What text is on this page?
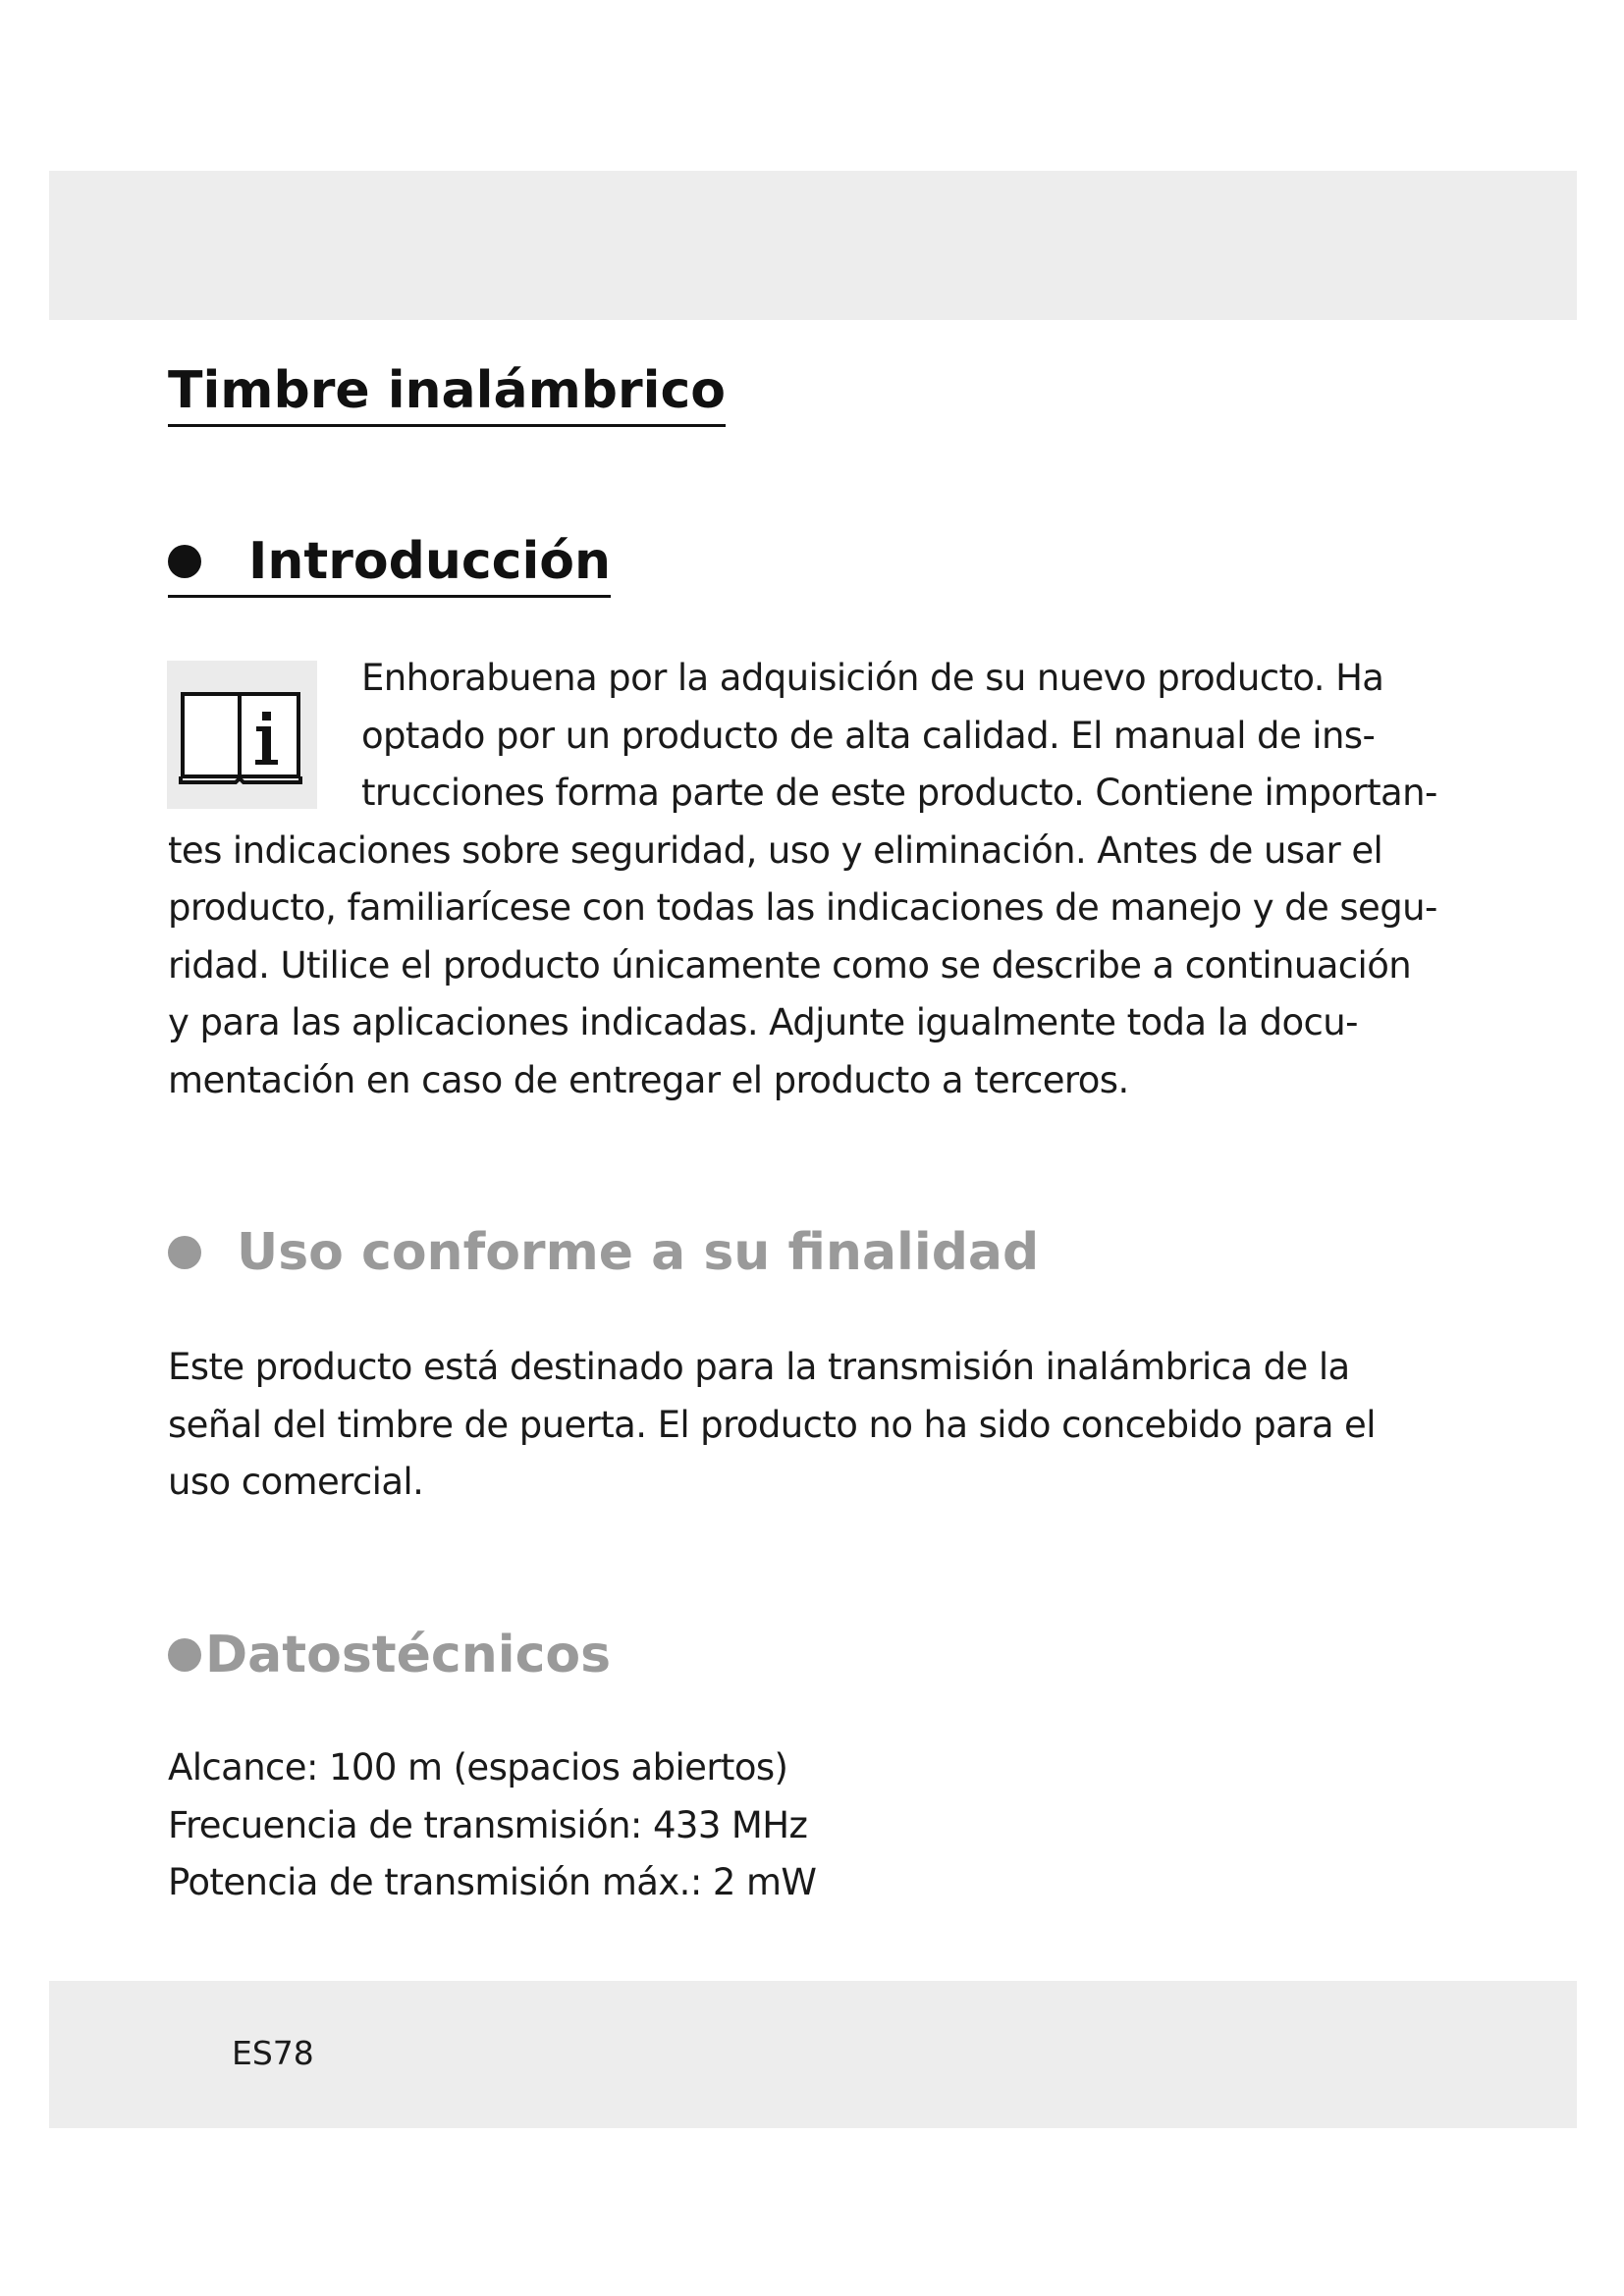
Timbre inalámbrico
Introducción
Enhorabuena por la adquisición de su nuevo producto. Ha
optado por un producto de alta calidad. El manual de ins-
trucciones forma parte de este producto. Contiene importan-
tes indicaciones sobre seguridad, uso y eliminación. Antes de usar el
producto, familiarícese con todas las indicaciones de manejo y de segu-
ridad. Utilice el producto únicamente como se describe a continuación
y para las aplicaciones indicadas. Adjunte igualmente toda la docu-
mentación en caso de entregar el producto a terceros.
Uso conforme a su finalidad
Este producto está destinado para la transmisión inalámbrica de la
señal del timbre de puerta. El producto no ha sido concebido para el
uso comercial.
Datostécnicos
Alcance: 100 m (espacios abiertos)
Frecuencia de transmisión: 433 MHz
Potencia de transmisión máx.: 2 mW
ES78
